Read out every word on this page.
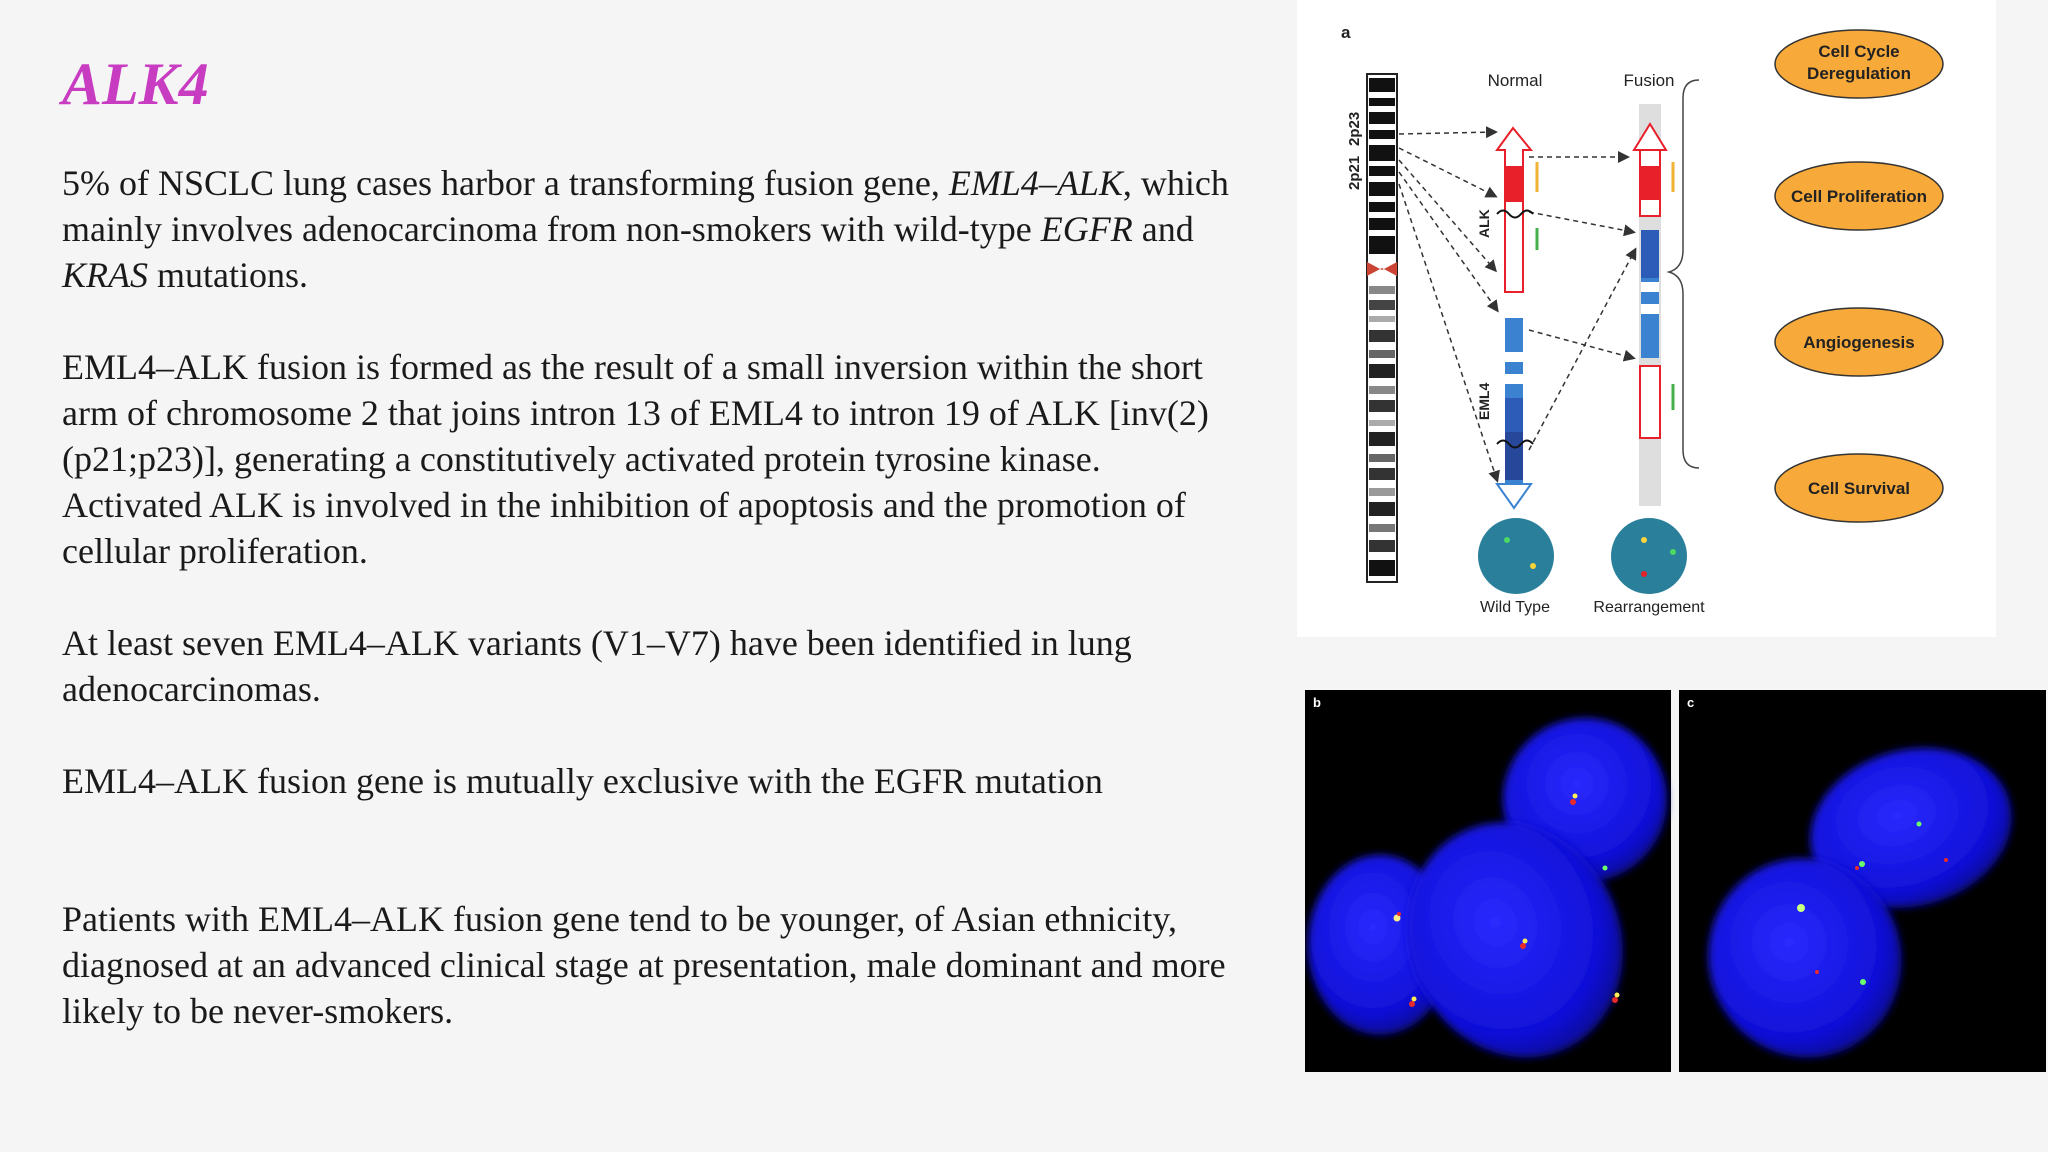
ALK4

5% of NSCLC lung cases harbor a transforming fusion gene, EML4–ALK, which mainly involves adenocarcinoma from non-smokers with wild-type EGFR and KRAS mutations.

EML4–ALK fusion is formed as the result of a small inversion within the short arm of chromosome 2 that joins intron 13 of EML4 to intron 19 of ALK [inv(2)(p21;p23)], generating a constitutively activated protein tyrosine kinase. Activated ALK is involved in the inhibition of apoptosis and the promotion of cellular proliferation.

At least seven EML4–ALK variants (V1–V7) have been identified in lung adenocarcinomas.

EML4–ALK fusion gene is mutually exclusive with the EGFR mutation

Patients with EML4–ALK fusion gene tend to be younger, of Asian ethnicity, diagnosed at an advanced clinical stage at presentation, male dominant and more likely to be never-smokers.

a
2p21
2p23
Normal	Fusion
ALK
EML4
Wild Type	Rearrangement
Cell Cycle
Deregulation
Cell Proliferation
Angiogenesis
Cell Survival
b	c
